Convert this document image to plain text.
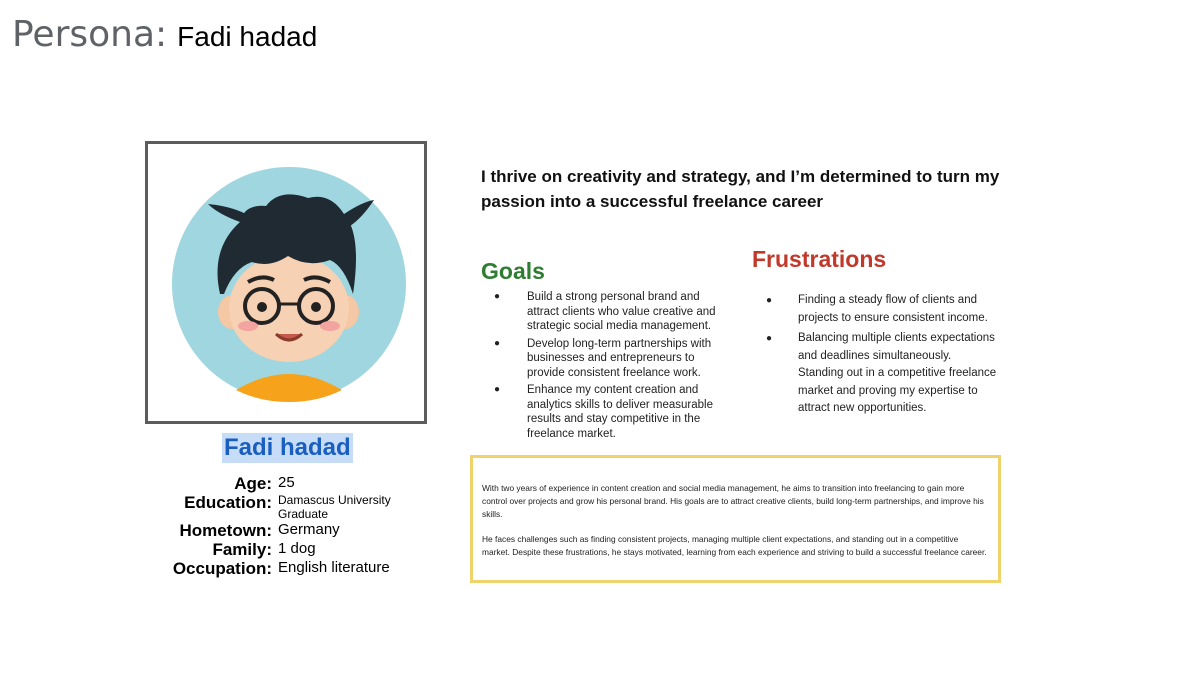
Persona: Fadi hadad
Fadi hadad
Age: 25
Education: Damascus University Graduate
Hometown: Germany
Family: 1 dog
Occupation: English literature
I thrive on creativity and strategy, and I’m determined to turn my passion into a successful freelance career
Goals
● Build a strong personal brand and attract clients who value creative and strategic social media management.
● Develop long-term partnerships with businesses and entrepreneurs to provide consistent freelance work.
● Enhance my content creation and analytics skills to deliver measurable results and stay competitive in the freelance market.
Frustrations
● Finding a steady flow of clients and projects to ensure consistent income.
● Balancing multiple clients expectations and deadlines simultaneously.
Standing out in a competitive freelance market and proving my expertise to attract new opportunities.

With two years of experience in content creation and social media management, he aims to transition into freelancing to gain more control over projects and grow his personal brand. His goals are to attract creative clients, build long-term partnerships, and improve his skills.

He faces challenges such as finding consistent projects, managing multiple client expectations, and standing out in a competitive market. Despite these frustrations, he stays motivated, learning from each experience and striving to build a successful freelance career.
